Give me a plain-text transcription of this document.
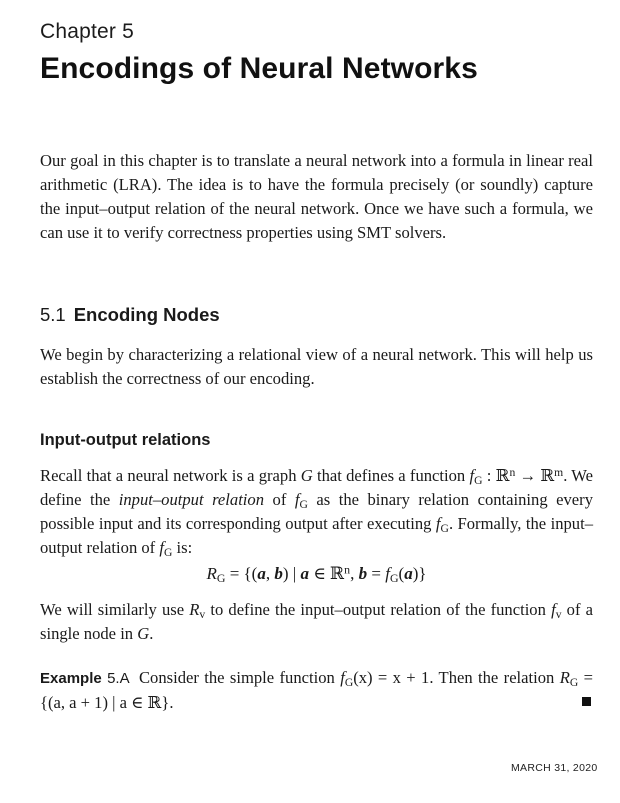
Chapter 5
Encodings of Neural Networks
Our goal in this chapter is to translate a neural network into a formula in linear real arithmetic (LRA). The idea is to have the formula precisely (or soundly) capture the input–output relation of the neural network. Once we have such a formula, we can use it to verify correctness properties using SMT solvers.
5.1 Encoding Nodes
We begin by characterizing a relational view of a neural network. This will help us establish the correctness of our encoding.
Input-output relations
Recall that a neural network is a graph G that defines a function $f_G$ : ℝ$^n$ → ℝ$^m$. We define the input–output relation of $f_G$ as the binary relation containing every possible input and its corresponding output after executing $f_G$. Formally, the input–output relation of $f_G$ is:
$R_G = \{(a$, b) | a ∈ ℝ$^n$, $b = f_G(a)$}
We will similarly use $R_v$ to define the input–output relation of the function $f_v$ of a single node in G.
Example 5.A Consider the simple function $f_G(x) = x + 1$. Then the relation $R_G = \{(a$, a + 1) | a ∈ ℝ}.
MARCH 31, 2020
